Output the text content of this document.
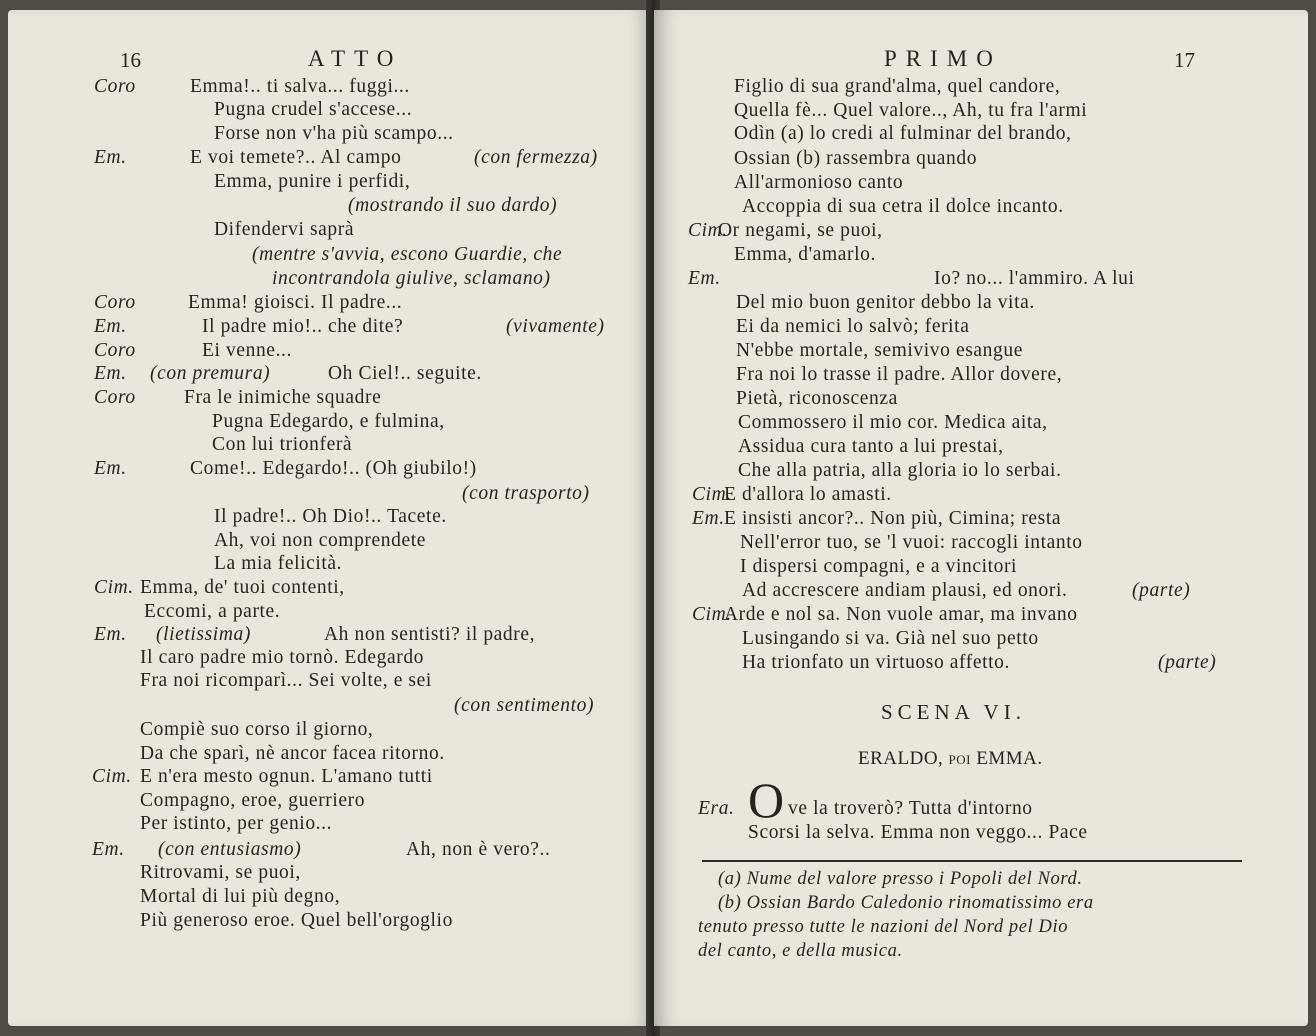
16	ATTO
Coro	Emma!.. ti salva... fuggi...
Pugna crudel s'accese...
Forse non v'ha più scampo...
Em.	E voi temete?.. Al campo	(con fermezza)
Emma, punire i perfidi,
(mostrando il suo dardo)
Difendervi saprà
(mentre s'avvia, escono Guardie, che
incontrandola giulive, sclamano)
Coro	Emma! gioisci. Il padre...
Em.	Il padre mio!.. che dite?	(vivamente)
Coro	Ei venne...
Em.	Oh Ciel!.. seguite.
(con premura)
Coro Fra le inimiche squadre
Pugna Edegardo, e fulmina,
Con lui trionferà
Em.	Come!.. Edegardo!.. (Oh giubilo!)
(con trasporto)
Il padre!.. Oh Dio!.. Tacete.
Ah, voi non comprendete
La mia felicità.
Cim. Emma, de' tuoi contenti,
Eccomi, a parte.
Em.	Ah non sentisti? il padre,
(lietissima)
Il caro padre mio tornò. Edegardo
Fra noi ricomparì... Sei volte, e sei
(con sentimento)
Compiè suo corso il giorno,
Da che sparì, nè ancor facea ritorno.
Cim. E n'era mesto ognun. L'amano tutti
Compagno, eroe, guerriero
Per istinto, per genio...
Em.	Ah, non è vero?..
(con entusiasmo)
Ritrovami, se puoi,
Mortal di lui più degno,
Più generoso eroe. Quel bell'orgoglio
PRIMO	17
Figlio di sua grand'alma, quel candore,
Quella fè... Quel valore.., Ah, tu fra l'armi
Odìn (a) lo credi al fulminar del brando,
Ossian (b) rassembra quando
All'armonioso canto
Accoppia di sua cetra il dolce incanto.
Cim.
Or negami, se puoi,
Emma, d'amarlo.
Em.	Io? no... l'ammiro. A lui
Del mio buon genitor debbo la vita.
Ei da nemici lo salvò; ferita
N'ebbe mortale, semivivo esangue
Fra noi lo trasse il padre. Allor dovere,
Pietà, riconoscenza
Commossero il mio cor. Medica aita,
Assidua cura tanto a lui prestai,
Che alla patria, alla gloria io lo serbai.
Cim.
E d'allora lo amasti.
Em. E insisti ancor?.. Non più, Cimina; resta
Nell'error tuo, se 'l vuoi: raccogli intanto
I dispersi compagni, e a vincitori
Ad accrescere andiam plausi, ed onori.	(parte)
Cim.
Arde e nol sa. Non vuole amar, ma invano
Lusingando si va. Già nel suo petto
Ha trionfato un virtuoso affetto.	(parte)
SCENA VI.
ERALDO, poi EMMA.
Era. O ve la troverò? Tutta d'intorno
Scorsi la selva. Emma non veggo... Pace
(a) Nume del valore presso i Popoli del Nord.
(b) Ossian Bardo Caledonio rinomatissimo era
tenuto presso tutte le nazioni del Nord pel Dio
del canto, e della musica.
